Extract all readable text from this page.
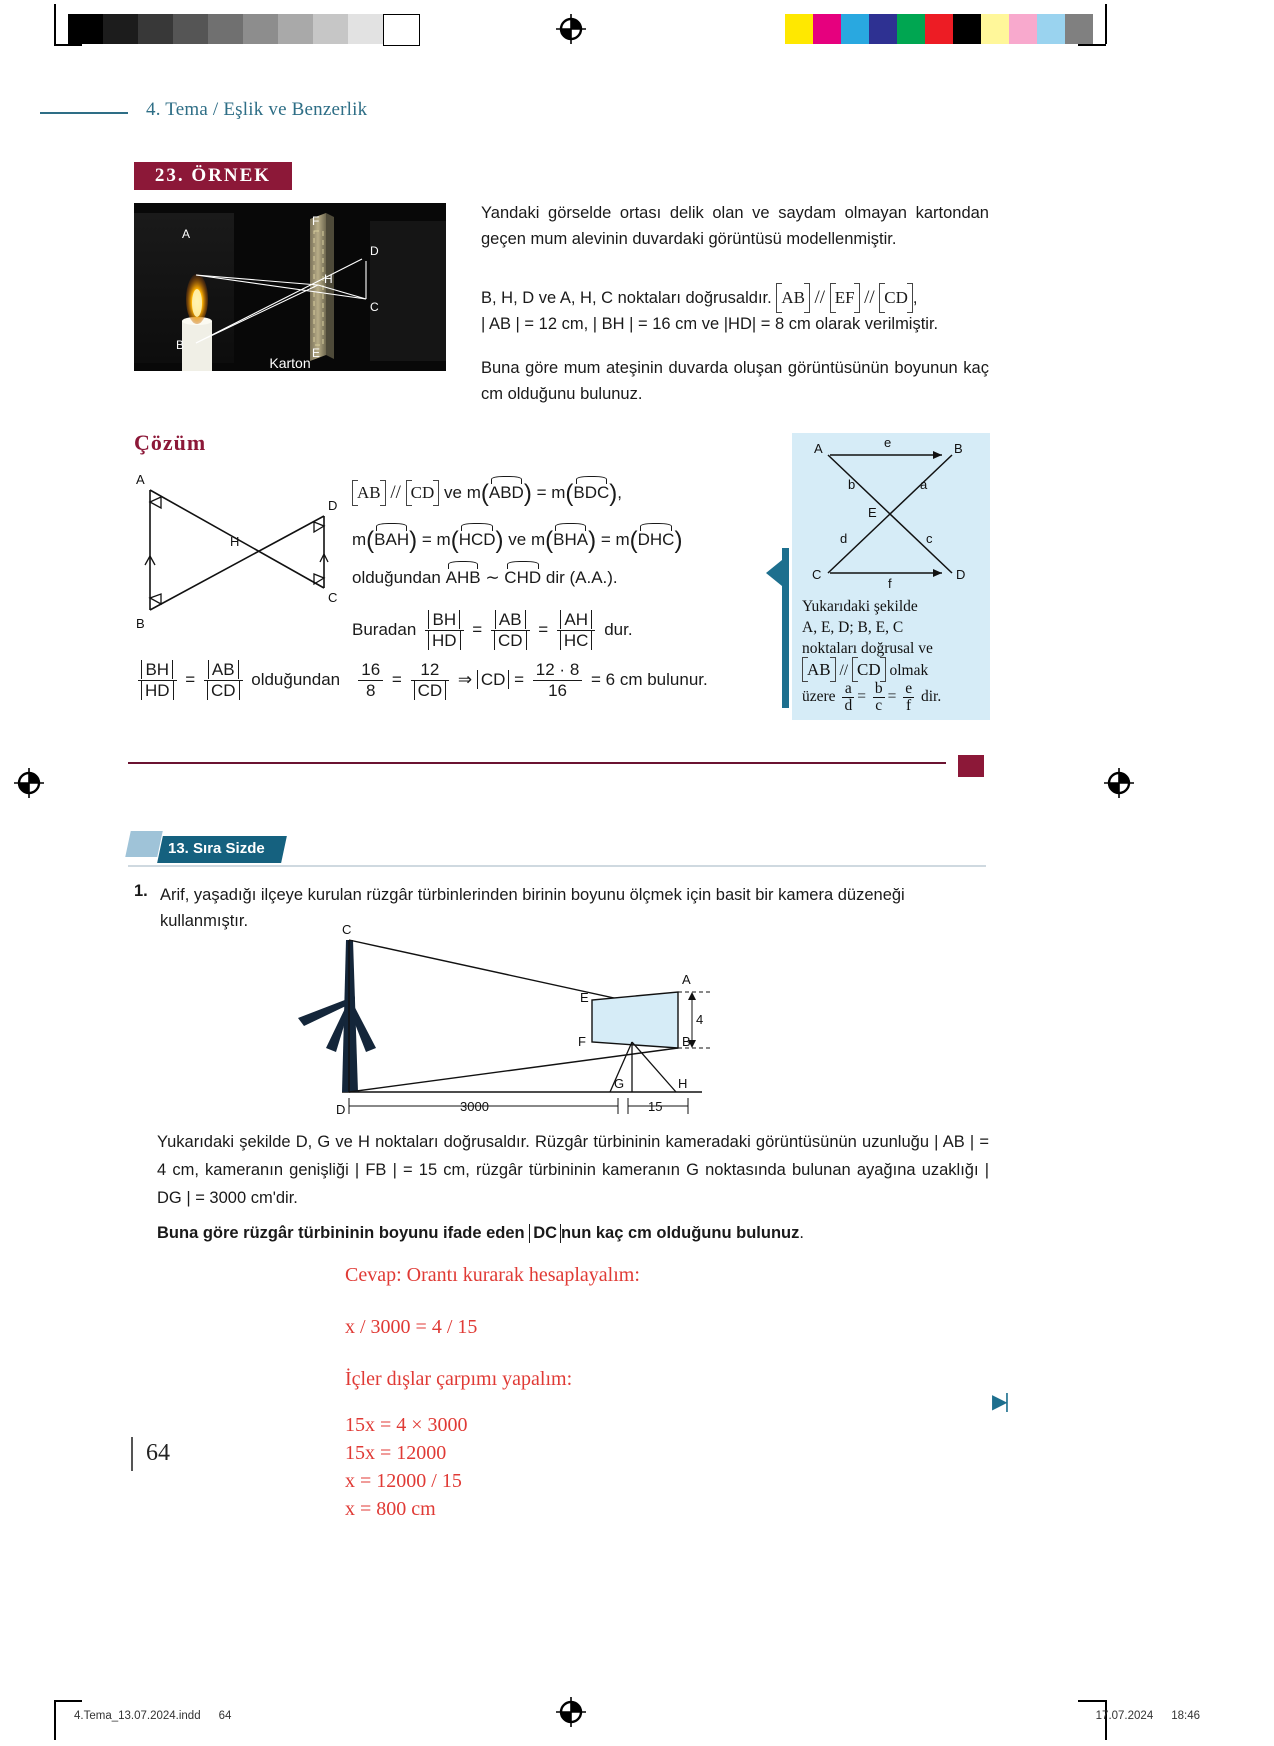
4. Tema / Eşlik ve Benzerlik
23. ÖRNEK
A
B
F
E
H
D
C
Karton
Yandaki görselde ortası delik olan ve saydam olmayan kartondan geçen mum alevinin duvardaki görüntüsü modellenmiştir.
B, H, D ve A, H, C noktaları doğrusaldır. AB // EF // CD ,
| AB | = 12 cm, | BH | = 16 cm ve |HD| = 8 cm olarak verilmiştir.
Buna göre mum ateşinin duvarda oluşan görüntüsünün boyunun kaç cm olduğunu bulunuz.
Çözüm
H
A
B
D
C
AB // CD ve m(ABD) = m(BDC),
m(BAH) = m(HCD) ve m(BHA) = m(DHC)
olduğundan AHB ∼ CHD dir (A.A.).
Buradan $\frac{BH}{HD} = \frac{AB}{CD} = \frac{AH}{HC}$ dur.
$\frac{BH}{HD} = \frac{AB}{CD}$ olduğundan $\frac{16}{8} = \frac{12}{CD}$ ⇒ CD = $\frac{12 \cdot 8}{16} = 6$ cm bulunur.
A	B
C	D
E
e
f
b	a
d	c
Yukarıdaki şekilde
A, E, D; B, E, C
noktaları doğrusal ve
AB // CD olmak
üzere $\frac{a}{d} = \frac{b}{c} = \frac{e}{f}$ dir.
13. Sıra Sizde
1. Arif, yaşadığı ilçeye kurulan rüzgâr türbinlerinden birinin boyunu ölçmek için basit bir kamera düzeneği kullanmıştır.	C
D
E
F
A
B
G	H
3000	15
4
Yukarıdaki şekilde D, G ve H noktaları doğrusaldır. Rüzgâr türbininin kameradaki görüntüsünün uzunluğu | AB | = 4 cm, kameranın genişliği | FB | = 15 cm, rüzgâr türbininin kameranın G noktasında bulunan ayağına uzaklığı | DG | = 3000 cm'dir.
Buna göre rüzgâr türbininin boyunu ifade eden DC nun kaç cm olduğunu bulunuz.
Cevap: Orantı kurarak hesaplayalım:
x / 3000 = 4 / 15
İçler dışlar çarpımı yapalım:
15x = 4 × 3000
15x = 12000
x = 12000 / 15
x = 800 cm
▶|
64
4.Tema_13.07.2024.indd 64	17.07.2024 18:46
